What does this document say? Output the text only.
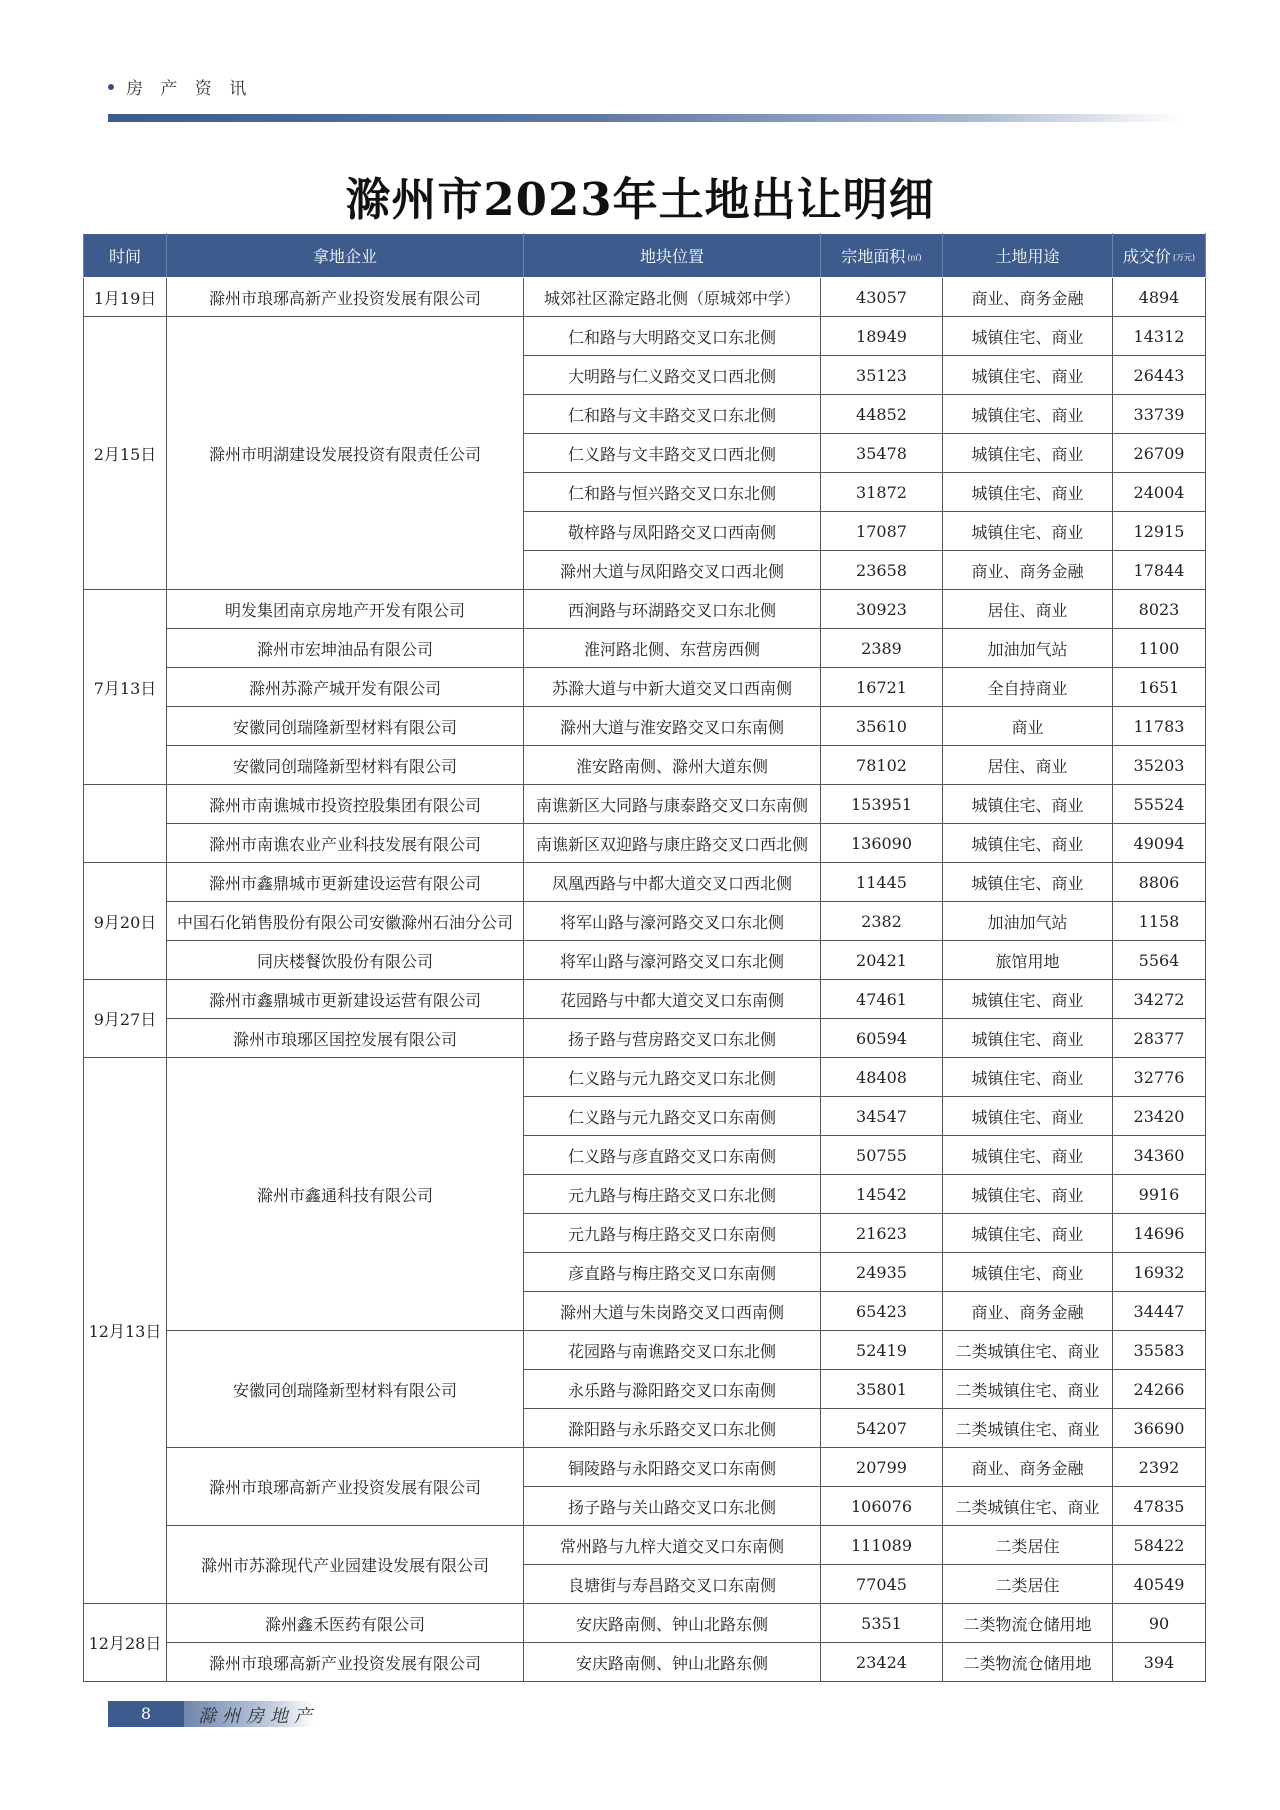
房 产 资 讯
滁州市2023年土地出让明细
时间	拿地企业	地块位置	宗地面积 (㎡)	土地用途	成交价 (万元)
1月19日	滁州市琅琊高新产业投资发展有限公司	城郊社区滁定路北侧（原城郊中学）	43057	商业、商务金融	4894
2月15日	滁州市明湖建设发展投资有限责任公司	仁和路与大明路交叉口东北侧	18949	城镇住宅、商业	14312
		大明路与仁义路交叉口西北侧	35123	城镇住宅、商业	26443
		仁和路与文丰路交叉口东北侧	44852	城镇住宅、商业	33739
		仁义路与文丰路交叉口西北侧	35478	城镇住宅、商业	26709
		仁和路与恒兴路交叉口东北侧	31872	城镇住宅、商业	24004
		敬梓路与凤阳路交叉口西南侧	17087	城镇住宅、商业	12915
		滁州大道与凤阳路交叉口西北侧	23658	商业、商务金融	17844
7月13日	明发集团南京房地产开发有限公司	西涧路与环湖路交叉口东北侧	30923	居住、商业	8023
	滁州市宏坤油品有限公司	淮河路北侧、东营房西侧	2389	加油加气站	1100
	滁州苏滁产城开发有限公司	苏滁大道与中新大道交叉口西南侧	16721	全自持商业	1651
	安徽同创瑞隆新型材料有限公司	滁州大道与淮安路交叉口东南侧	35610	商业	11783
	安徽同创瑞隆新型材料有限公司	淮安路南侧、滁州大道东侧	78102	居住、商业	35203
	滁州市南谯城市投资控股集团有限公司	南谯新区大同路与康泰路交叉口东南侧	153951	城镇住宅、商业	55524
	滁州市南谯农业产业科技发展有限公司	南谯新区双迎路与康庄路交叉口西北侧	136090	城镇住宅、商业	49094
9月20日	滁州市鑫鼎城市更新建设运营有限公司	凤凰西路与中都大道交叉口西北侧	11445	城镇住宅、商业	8806
	中国石化销售股份有限公司安徽滁州石油分公司	将军山路与濠河路交叉口东北侧	2382	加油加气站	1158
	同庆楼餐饮股份有限公司	将军山路与濠河路交叉口东北侧	20421	旅馆用地	5564
9月27日	滁州市鑫鼎城市更新建设运营有限公司	花园路与中都大道交叉口东南侧	47461	城镇住宅、商业	34272
	滁州市琅琊区国控发展有限公司	扬子路与营房路交叉口东北侧	60594	城镇住宅、商业	28377
12月13日	滁州市鑫通科技有限公司	仁义路与元九路交叉口东北侧	48408	城镇住宅、商业	32776
		仁义路与元九路交叉口东南侧	34547	城镇住宅、商业	23420
		仁义路与彦直路交叉口东南侧	50755	城镇住宅、商业	34360
		元九路与梅庄路交叉口东北侧	14542	城镇住宅、商业	9916
		元九路与梅庄路交叉口东南侧	21623	城镇住宅、商业	14696
		彦直路与梅庄路交叉口东南侧	24935	城镇住宅、商业	16932
		滁州大道与朱岗路交叉口西南侧	65423	商业、商务金融	34447
	安徽同创瑞隆新型材料有限公司	花园路与南谯路交叉口东北侧	52419	二类城镇住宅、商业	35583
		永乐路与滁阳路交叉口东南侧	35801	二类城镇住宅、商业	24266
		滁阳路与永乐路交叉口东北侧	54207	二类城镇住宅、商业	36690
	滁州市琅琊高新产业投资发展有限公司	铜陵路与永阳路交叉口东南侧	20799	商业、商务金融	2392
		扬子路与关山路交叉口东北侧	106076	二类城镇住宅、商业	47835
	滁州市苏滁现代产业园建设发展有限公司	常州路与九梓大道交叉口东南侧	111089	二类居住	58422
		良塘街与寿昌路交叉口东南侧	77045	二类居住	40549
12月28日	滁州鑫禾医药有限公司	安庆路南侧、钟山北路东侧	5351	二类物流仓储用地	90
	滁州市琅琊高新产业投资发展有限公司	安庆路南侧、钟山北路东侧	23424	二类物流仓储用地	394
8	滁州房地产
